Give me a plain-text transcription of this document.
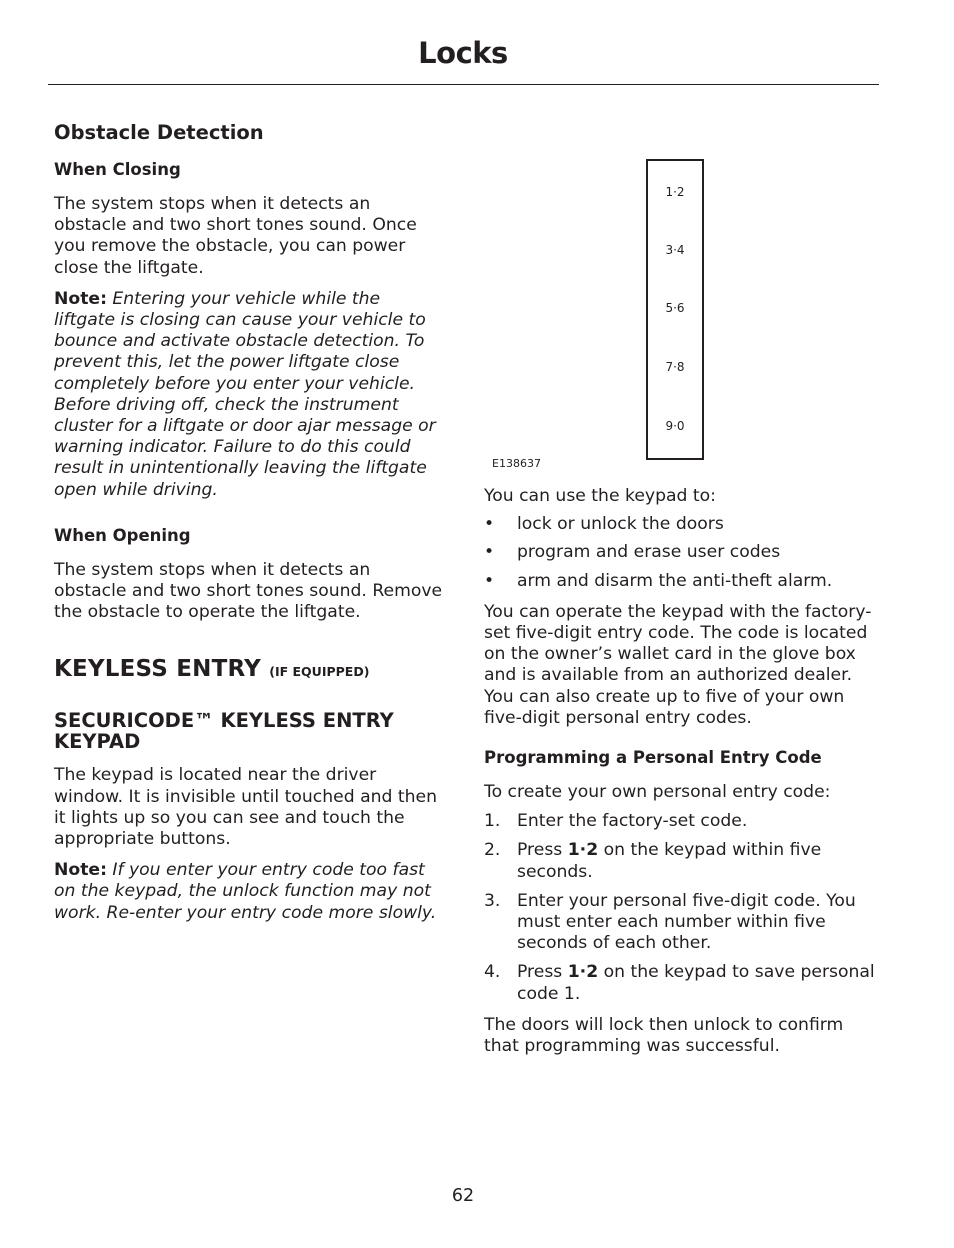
Locks
Obstacle Detection
When Closing

The system stops when it detects an obstacle and two short tones sound. Once you remove the obstacle, you can power close the liftgate.

Note: Entering your vehicle while the liftgate is closing can cause your vehicle to bounce and activate obstacle detection. To prevent this, let the power liftgate close completely before you enter your vehicle. Before driving off, check the instrument cluster for a liftgate or door ajar message or warning indicator. Failure to do this could result in unintentionally leaving the liftgate open while driving.

When Opening

The system stops when it detects an obstacle and two short tones sound. Remove the obstacle to operate the liftgate.

KEYLESS ENTRY (IF EQUIPPED)
SECURICODE™ KEYLESS ENTRY KEYPAD

The keypad is located near the driver window. It is invisible until touched and then it lights up so you can see and touch the appropriate buttons.

Note: If you enter your entry code too fast on the keypad, the unlock function may not work. Re-enter your entry code more slowly.

1·2
3·4
5·6
7·8
9·0
E138637

You can use the keypad to:

• lock or unlock the doors
• program and erase user codes
• arm and disarm the anti-theft alarm.

You can operate the keypad with the factory-set five-digit entry code. The code is located on the owner’s wallet card in the glove box and is available from an authorized dealer. You can also create up to five of your own five-digit personal entry codes.

Programming a Personal Entry Code

To create your own personal entry code:

1. Enter the factory-set code.
2. Press 1·2 on the keypad within five seconds.
3. Enter your personal five-digit code. You must enter each number within five seconds of each other.
4. Press 1·2 on the keypad to save personal code 1.

The doors will lock then unlock to confirm that programming was successful.

62
